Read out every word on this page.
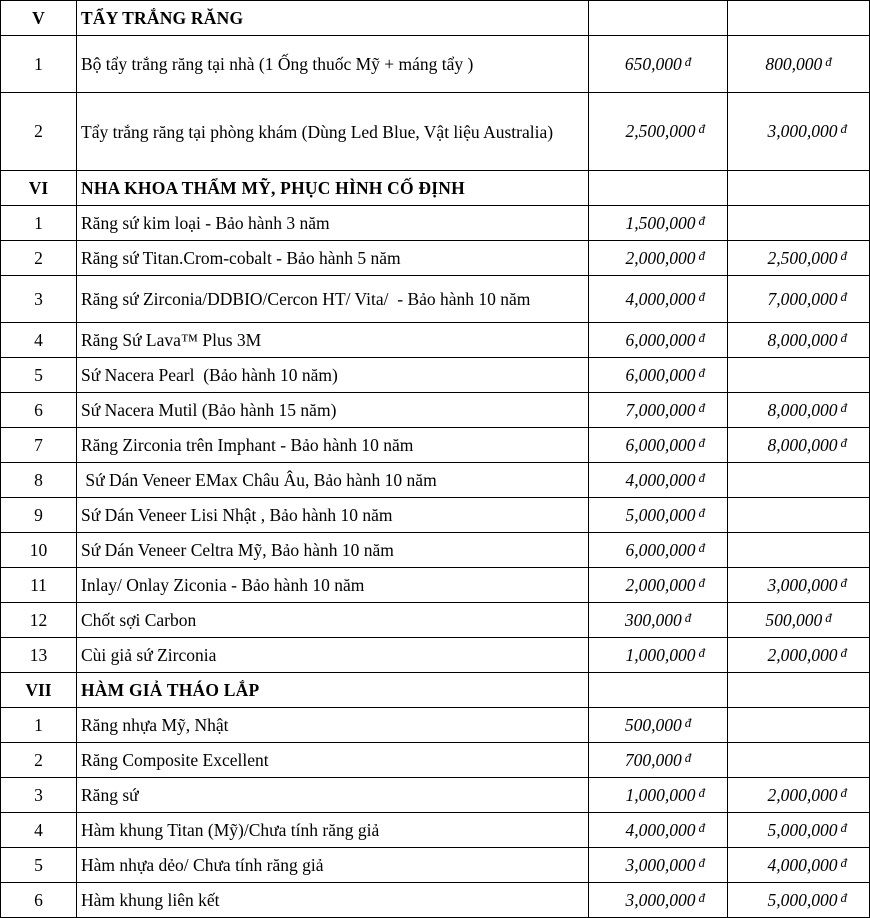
V	TẨY TRẮNG RĂNG		
1	Bộ tẩy trắng răng tại nhà (1 Ống thuốc Mỹ + máng tẩy )	650,000 $^đ$	800,000 $^đ$
2	Tẩy trắng răng tại phòng khám (Dùng Led Blue, Vật liệu Australia)	2,500,000 $^đ$	3,000,000 $^đ$
VI	NHA KHOA THẨM MỸ, PHỤC HÌNH CỐ ĐỊNH		
1	Răng sứ kim loại - Bảo hành 3 năm	1,500,000 $^đ$	
2	Răng sứ Titan.Crom-cobalt - Bảo hành 5 năm	2,000,000 $^đ$	2,500,000 $^đ$
3	Răng sứ Zirconia/DDBIO/Cercon HT/ Vita/  - Bảo hành 10 năm	4,000,000 $^đ$	7,000,000 $^đ$
4	Răng Sứ Lava™ Plus 3M	6,000,000 $^đ$	8,000,000 $^đ$
5	Sứ Nacera Pearl  (Bảo hành 10 năm)	6,000,000 $^đ$	
6	Sứ Nacera Mutil (Bảo hành 15 năm)	7,000,000 $^đ$	8,000,000 $^đ$
7	Răng Zirconia trên Imphant - Bảo hành 10 năm	6,000,000 $^đ$	8,000,000 $^đ$
8	Sứ Dán Veneer EMax Châu Âu, Bảo hành 10 năm	4,000,000 $^đ$	
9	Sứ Dán Veneer Lisi Nhật , Bảo hành 10 năm	5,000,000 $^đ$	
10	Sứ Dán Veneer Celtra Mỹ, Bảo hành 10 năm	6,000,000 $^đ$	
11	Inlay/ Onlay Ziconia - Bảo hành 10 năm	2,000,000 $^đ$	3,000,000 $^đ$
12	Chốt sợi Carbon	300,000 $^đ$	500,000 $^đ$
13	Cùi giả sứ Zirconia	1,000,000 $^đ$	2,000,000 $^đ$
VII	HÀM GIẢ THÁO LẮP		
1	Răng nhựa Mỹ, Nhật	500,000 $^đ$	
2	Răng Composite Excellent	700,000 $^đ$	
3	Răng sứ	1,000,000 $^đ$	2,000,000 $^đ$
4	Hàm khung Titan (Mỹ)/Chưa tính răng giả	4,000,000 $^đ$	5,000,000 $^đ$
5	Hàm nhựa dẻo/ Chưa tính răng giả	3,000,000 $^đ$	4,000,000 $^đ$
6	Hàm khung liên kết	3,000,000 $^đ$	5,000,000 $^đ$
